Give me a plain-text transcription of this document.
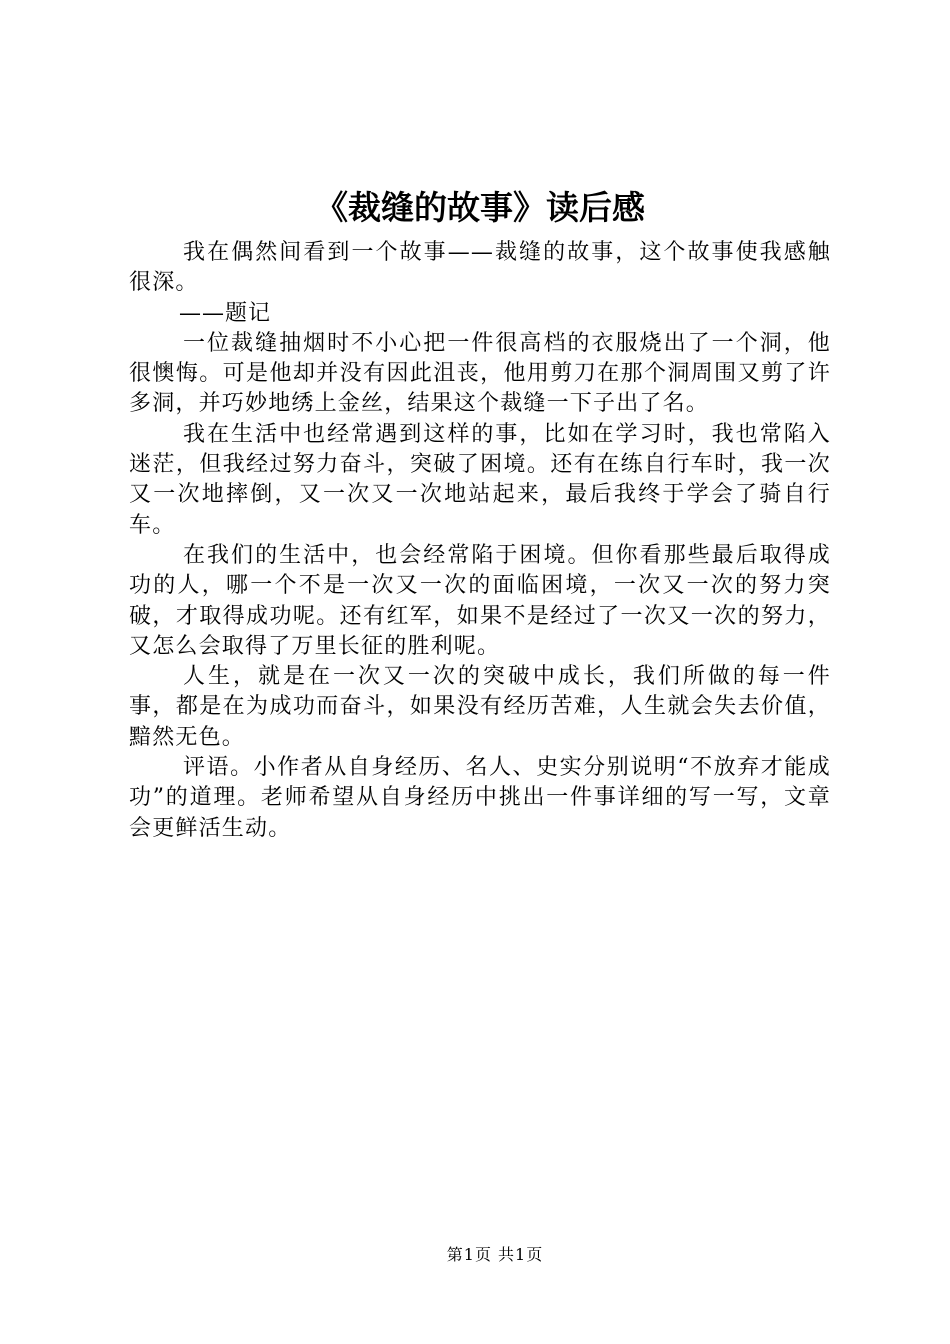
《裁缝的故事》读后感

我在偶然间看到一个故事——裁缝的故事，这个故事使我感触很深。

——题记

一位裁缝抽烟时不小心把一件很高档的衣服烧出了一个洞，他很懊悔。可是他却并没有因此沮丧，他用剪刀在那个洞周围又剪了许多洞，并巧妙地绣上金丝，结果这个裁缝一下子出了名。

我在生活中也经常遇到这样的事，比如在学习时，我也常陷入迷茫，但我经过努力奋斗，突破了困境。还有在练自行车时，我一次又一次地摔倒，又一次又一次地站起来，最后我终于学会了骑自行车。

在我们的生活中，也会经常陷于困境。但你看那些最后取得成功的人，哪一个不是一次又一次的面临困境，一次又一次的努力突破，才取得成功呢。还有红军，如果不是经过了一次又一次的努力，又怎么会取得了万里长征的胜利呢。

人生，就是在一次又一次的突破中成长，我们所做的每一件事，都是在为成功而奋斗，如果没有经历苦难，人生就会失去价值，黯然无色。

评语。小作者从自身经历、名人、史实分别说明“不放弃才能成功”的道理。老师希望从自身经历中挑出一件事详细的写一写，文章会更鲜活生动。

第1页 共1页
